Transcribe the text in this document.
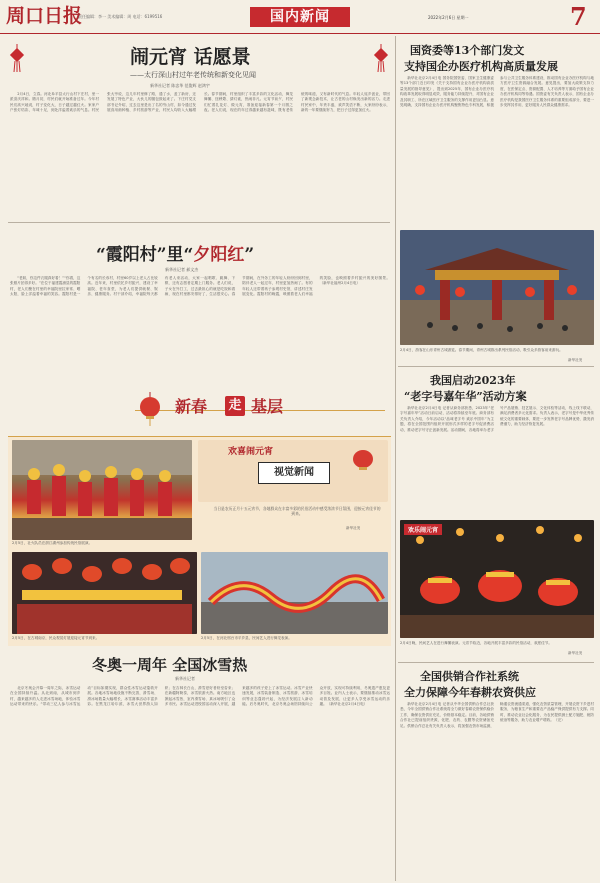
周口日报
责任编辑：李一 美术编辑：周 电话：6199516	国内新闻	2022年2月6日 星期一	7
闹元宵 话愿景
——太行深山村过年老传统和新变化见闻
新华社记者 陈忠华 范俊辉 赵鸿宇

2月4日，立春。河北阜平县太行山村下庄村，里一派喜庆祥和。腊月初，村民们就开始准备过年。今年村民们高兴地说，村子变化大，日子越过越红火。家家户户张灯结彩，年味十足，到处洋溢着欢乐的气息。村民张大爷说，这几年村里修了路，通了水，盖了新房，还发展了特色产业，大伙儿的腰包鼓起来了。下庄村党支部书记介绍，过去这里是出了名的穷山村，如今通过发展食用菌种植、乡村旅游等产业，村民人均收入大幅增长。春节期间，村里组织了丰富多彩的文化活动，舞龙舞狮、扭秧歌、猜灯谜，热闹非凡。元宵节前夕，村民们忙着扎花灯、做元宵，准备迎接新春第一个月圆之夜。老人们说，现在的年过得越来越有滋味，既有老传统的味道，又有新时代的气息。年轻人返乡创业，带回了新观念新技术，让古老的山村焕发出新的活力。走进村民家中，年货丰盛，欢声笑语不断，大家纷纷表示，新的一年要继续努力，把日子过得更加红火。

“霞阳村”里“夕阳红”
新华社记者 郝文杰

“老妹，你这件衣服真好看！”“你看，这张照片拍得多好。”在位于福建霞浦县的霞阳村，老人们聚在村里的幸福院里拉家常、晒太阳，脸上洋溢着幸福的笑容。霞阳村是一个有名的长寿村，村里60岁以上老人占比较高。近年来，村里依托乡村振兴，建设了幸福院、老年食堂，为老人们提供就餐、娱乐、健康服务。村干部介绍，幸福院每天都有老人来活动，大家一起唱歌、跳舞、下棋，还有志愿者定期上门服务。老人们说，子女在外打工，过去最担心的就是吃饭和看病，现在村里都安排好了，生活很安心。春节期间，在外务工的年轻人纷纷回到村里，陪伴老人一起过年，村里更加热闹了。有的年轻人还带着孩子参观村史馆，讲述村庄发展变化。霞阳村的晚霞，映照着老人们幸福的笑脸，也映照着乡村振兴的美好图景。（新华社福州2月4日电）

新春 走 基层
2月5日，社火队员在浙江湖州参加传统民俗展演。
欢喜闹元宵
视觉新闻
当日是农历正月十五元宵节，各地群众在丰富多彩的民俗活动中感受浓浓节日氛围，迎接元宵佳节的到来。
新华社发
2月5日，在古城南京，民众观赏灯展迎接元宵节到来。	2月5日，在河北邢台市平乡县，民间艺人进行舞龙表演。
冬奥一周年 全国冰雪热
新华社记者

北京冬奥会开幕一周年之际，冰雪运动在全国持续升温。从北到南，从城市到乡村，越来越多的人走进冰雪场地，体验冰雪运动带来的快乐。“带动三亿人参与冰雪运动”目标如期实现，群众性冰雪运动蓬勃开展。各地冰雪场地设施不断完善，滑雪场、滑冰场数量大幅增长，冰雪赛事活动丰富多彩。在黑龙江哈尔滨，冰雪大世界游人如织；在吉林长白山，滑雪爱好者纷至沓来；在新疆阿勒泰，冰雪旅游火热。南方地区也掀起冰雪热，室内滑雪场、真冰场吸引了众多市民。冰雪运动进校园活动深入开展，越来越多的孩子爱上了冰雪运动。冰雪产业快速发展，冰雪装备制造、冰雪旅游、冰雪培训等业态蓬勃兴起，为经济发展注入新动能。后冬奥时代，北京冬奥会场馆持续向公众开放，实现可持续利用，冬奥遗产惠及更多百姓。业内人士表示，要继续推动冰雪运动普及发展，让更多人享受冰雪运动的乐趣。（新华社北京2月4日电）

国资委等13个部门发文
支持国企办医疗机构高质量发展

新华社北京2月4日电 国务院国资委、国家卫生健康委等13个部门近日印发《关于支持国有企业办医疗机构高质量发展的指导意见》，提出到2025年，国有企业办医疗机构改革发展取得明显成效，服务能力持续提升，对国有企业及其职工、所在区域医疗卫生服务的支撑作用更加凸显。意见明确，支持国有企业办医疗机构聚焦特色专科发展，积极参与公共卫生服务体系建设，推动国有企业办医疗机构与地方医疗卫生资源融合发展。意见提出，要加大政策支持力度，在医保定点、资源配置、人才培养等方面给予国有企业办医疗机构同等待遇。国资委有关负责人表示，国有企业办医疗机构是我国医疗卫生服务体系的重要组成部分，要进一步发挥其作用，更好服务人民群众健康需求。

2月4日，游客在山东青州古城游览。春节期间，青州古城推出系列民俗活动，吸引众多游客前来游玩。
新华社发
我国启动2023年
“老字号嘉年华”活动方案

新华社北京2月4日电 记者从商务部获悉，2023年“老字号嘉年华”活动日前启动，活动将持续至年底。商务部有关负责人介绍，今年活动以“品味老字号 欢乐中国年”为主题，将在全国范围内组织开展形式多样的老字号促消费活动，推动老字号守正创新发展。活动期间，各地将举办老字号产品展销、技艺展示、文化体验等活动，线上线下联动，满足消费者多元化需求。负责人表示，老字号是中华优秀传统文化的重要载体，要进一步发挥老字号品牌优势，激发消费潜力，助力经济恢复发展。

欢乐闹元宵
2月4日晚，民间艺人在进行舞狮表演。元宵节临近，各地开展丰富多彩的民俗活动，欢度佳节。
新华社发
全国供销合作社系统
全力保障今年春耕农资供应

新华社北京2月4日电 记者从中华全国供销合作总社获悉，今年全国供销合作社系统将全力做好春耕农资保供稳价工作，确保农资供应充足、价格基本稳定。目前，各地供销合作社已提前组织货源，化肥、农药、农膜等农资储备充足。供销合作总社有关负责人表示，将加强农资市场监测，畅通农资流通渠道，强化农资质量管理，开展农资下乡进村服务，为粮食生产和重要农产品稳产保供提供有力支撑。同时，推动农业社会化服务，为农民提供测土配方施肥、统防统治等服务，助力农业增产增收。（完）
